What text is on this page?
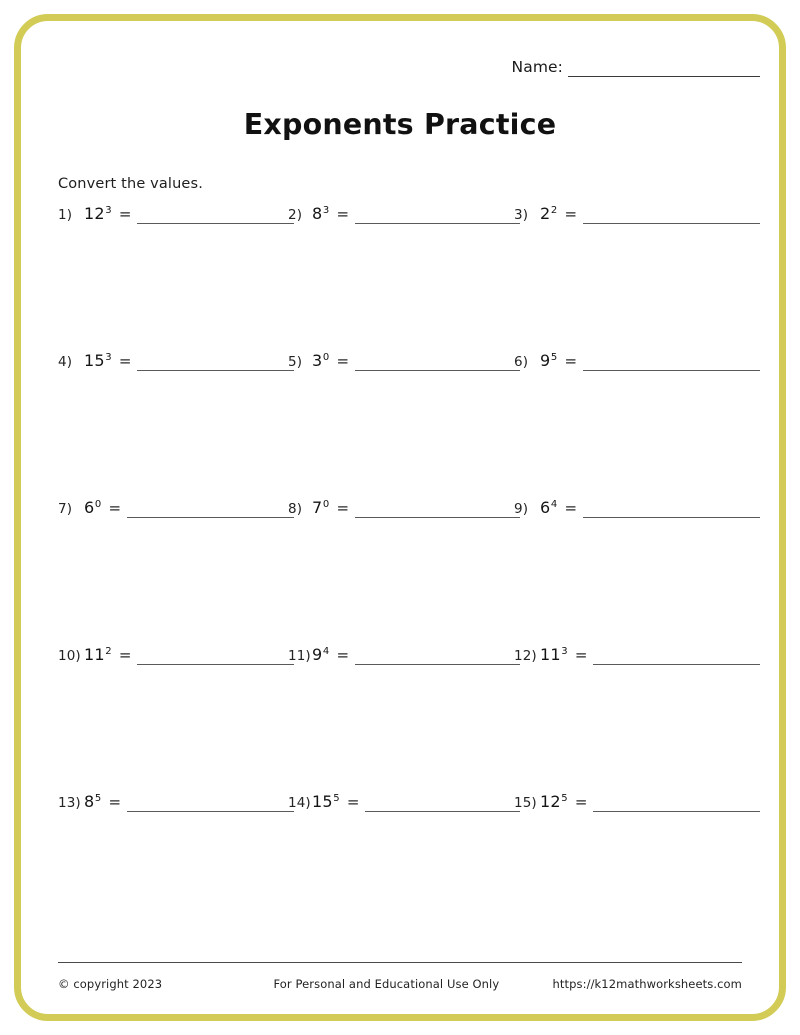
Name:
Exponents Practice
Convert the values.
1) $12^3$ =	2) $8^3$ =	3) $2^2$ =
4) $15^3$ =	5) $3^0$ =	6) $9^5$ =
7) $6^0$ =	8) $7^0$ =	9) $6^4$ =
10) $11^2$ =	11) $9^4$ =	12) $11^3$ =
13) $8^5$ =	14) $15^5$ =	15) $12^5$ =
© copyright 2023	For Personal and Educational Use Only	https://k12mathworksheets.com
